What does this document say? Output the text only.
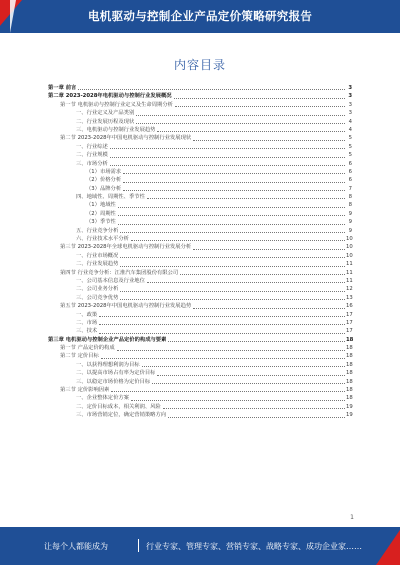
电机驱动与控制企业产品定价策略研究报告
内容目录
第一章 前言	3
第二章 2023-2028年电机驱动与控制行业发展概况	3
第一节 电机驱动与控制行业定义及生命周期分析	3
一、行业定义及产品类别	3
二、行业发展历程及现状	4
三、电机驱动与控制行业发展趋势	4
第二节 2023-2028年中国电机驱动与控制行业发展现状	5
一、行业综述	5
二、行业规模	5
三、市场分析	6
（1）市场需求	6
（2）价格分析	6
（3）品牌分析	7
四、地域性、周期性、季节性	8
（1）地域性	8
（2）周期性	9
（3）季节性	9
五、行业竞争分析	9
六、行业技术水平分析	10
第三节 2023-2028年全球电机驱动与控制行业发展分析	10
一、行业市场概况	10
二、行业发展趋势	11
第四节 行业竞争分析：江淮汽车集团股份有限公司	11
一、公司基本信息及行业地位	11
二、公司业务分析	12
三、公司竞争优势	13
第五节 2023-2028年中国电机驱动与控制行业发展趋势	16
一、政策	17
二、市场	17
三、技术	17
第三章 电机驱动与控制企业产品定价的构成与要素	18
第一节 产品定价的构成	18
第二节 定价目标	18
一、以获得理想利润为目标	18
二、以提高市场占有率为定价目标	18
三、以稳定市场价格为定价目标	18
第三节 定价影响因素	18
一、企业整体定价方案	18
二、定价目标成本，相关利润、风险	19
三、市场营销定位，确定营销策略方向	19
1
让每个人都能成为	行业专家、管理专家、营销专家、战略专家、成功企业家……
